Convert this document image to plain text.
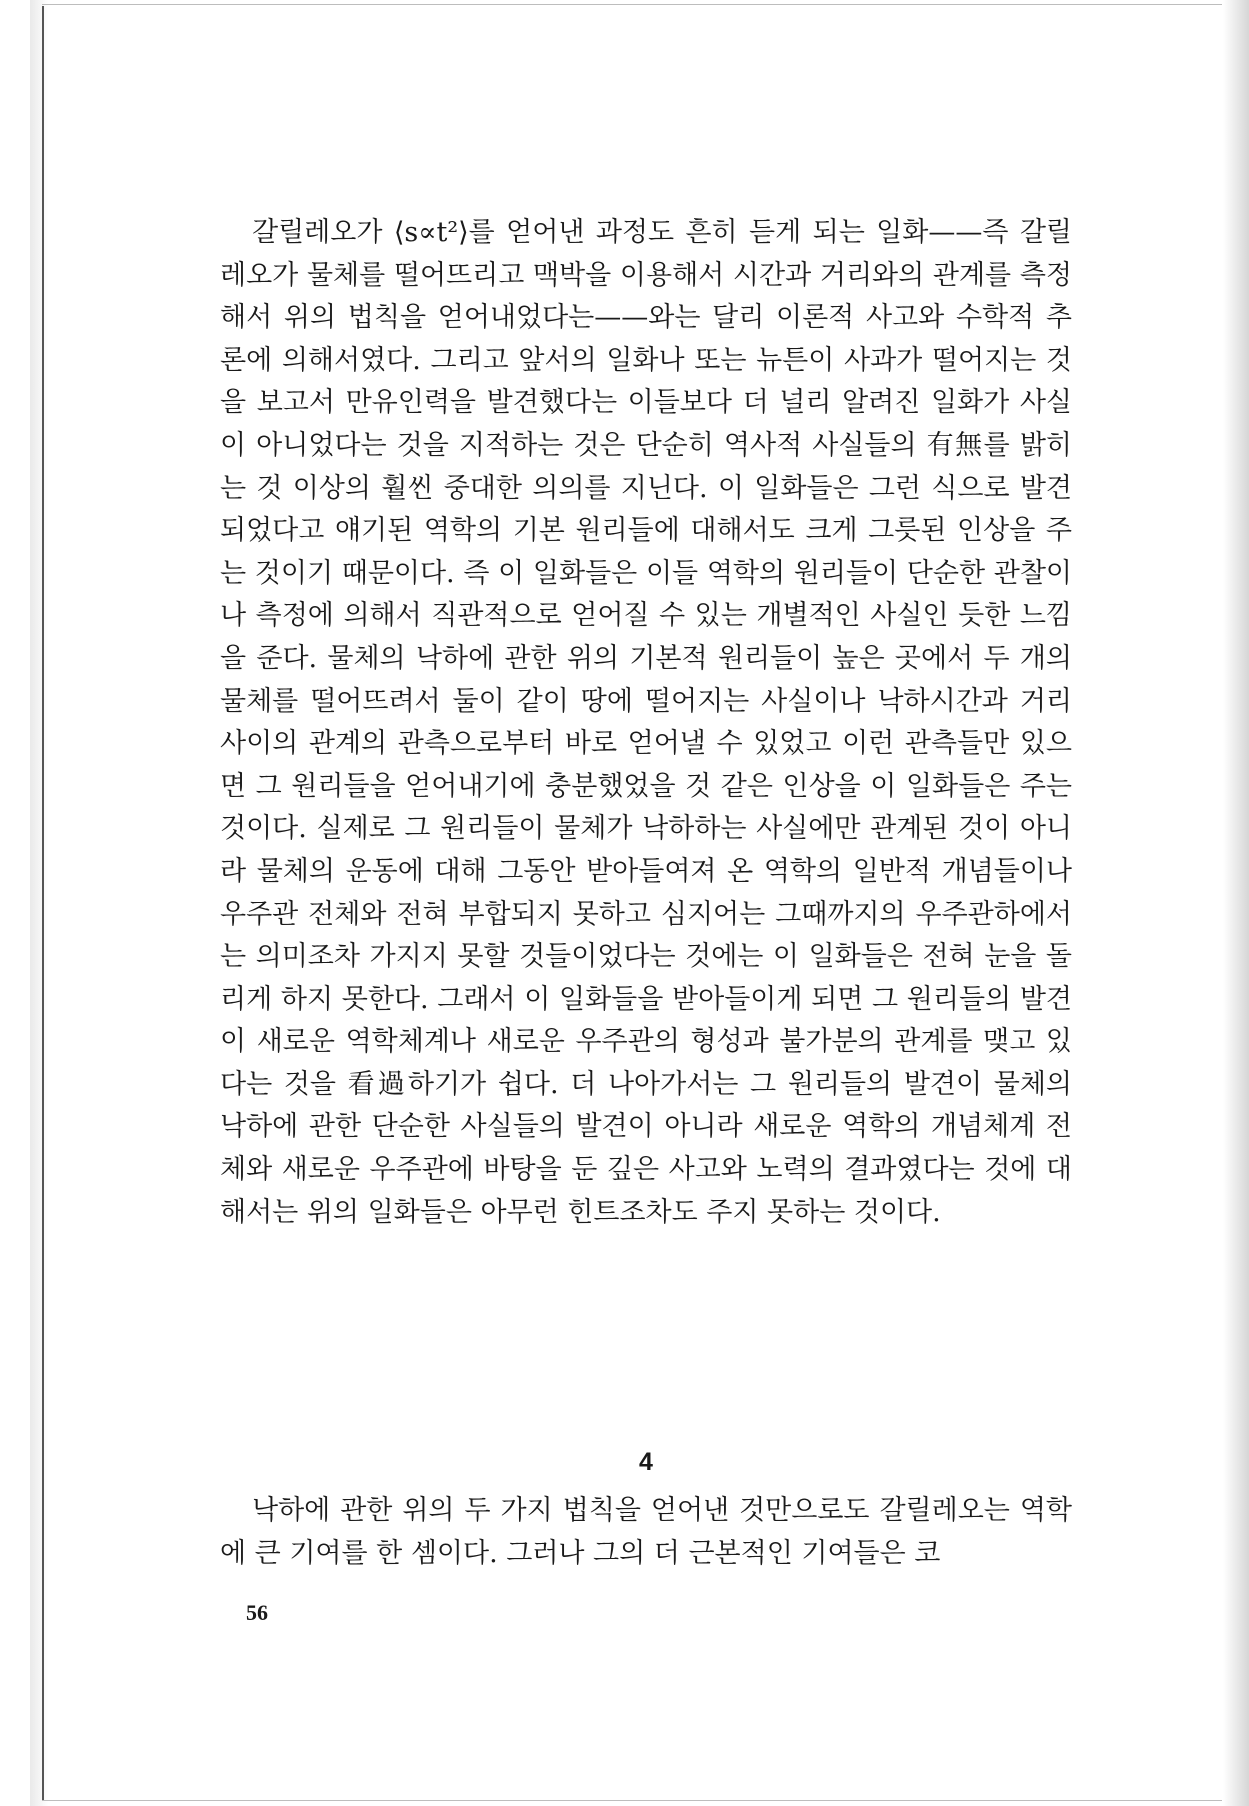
갈릴레오가 ⟨s∝t²⟩를 얻어낸 과정도 흔히 듣게 되는 일화——즉 갈릴레오가 물체를 떨어뜨리고 맥박을 이용해서 시간과 거리와의 관계를 측정해서 위의 법칙을 얻어내었다는——와는 달리 이론적 사고와 수학적 추론에 의해서였다. 그리고 앞서의 일화나 또는 뉴튼이 사과가 떨어지는 것을 보고서 만유인력을 발견했다는 이들보다 더 널리 알려진 일화가 사실이 아니었다는 것을 지적하는 것은 단순히 역사적 사실들의 有無를 밝히는 것 이상의 훨씬 중대한 의의를 지닌다. 이 일화들은 그런 식으로 발견되었다고 얘기된 역학의 기본 원리들에 대해서도 크게 그릇된 인상을 주는 것이기 때문이다. 즉 이 일화들은 이들 역학의 원리들이 단순한 관찰이나 측정에 의해서 직관적으로 얻어질 수 있는 개별적인 사실인 듯한 느낌을 준다. 물체의 낙하에 관한 위의 기본적 원리들이 높은 곳에서 두 개의 물체를 떨어뜨려서 둘이 같이 땅에 떨어지는 사실이나 낙하시간과 거리 사이의 관계의 관측으로부터 바로 얻어낼 수 있었고 이런 관측들만 있으면 그 원리들을 얻어내기에 충분했었을 것 같은 인상을 이 일화들은 주는 것이다. 실제로 그 원리들이 물체가 낙하하는 사실에만 관계된 것이 아니라 물체의 운동에 대해 그동안 받아들여져 온 역학의 일반적 개념들이나 우주관 전체와 전혀 부합되지 못하고 심지어는 그때까지의 우주관하에서는 의미조차 가지지 못할 것들이었다는 것에는 이 일화들은 전혀 눈을 돌리게 하지 못한다. 그래서 이 일화들을 받아들이게 되면 그 원리들의 발견이 새로운 역학체계나 새로운 우주관의 형성과 불가분의 관계를 맺고 있다는 것을 看過하기가 쉽다. 더 나아가서는 그 원리들의 발견이 물체의 낙하에 관한 단순한 사실들의 발견이 아니라 새로운 역학의 개념체계 전체와 새로운 우주관에 바탕을 둔 깊은 사고와 노력의 결과였다는 것에 대해서는 위의 일화들은 아무런 힌트조차도 주지 못하는 것이다.

4

낙하에 관한 위의 두 가지 법칙을 얻어낸 것만으로도 갈릴레오는 역학에 큰 기여를 한 셈이다. 그러나 그의 더 근본적인 기여들은 코

56
